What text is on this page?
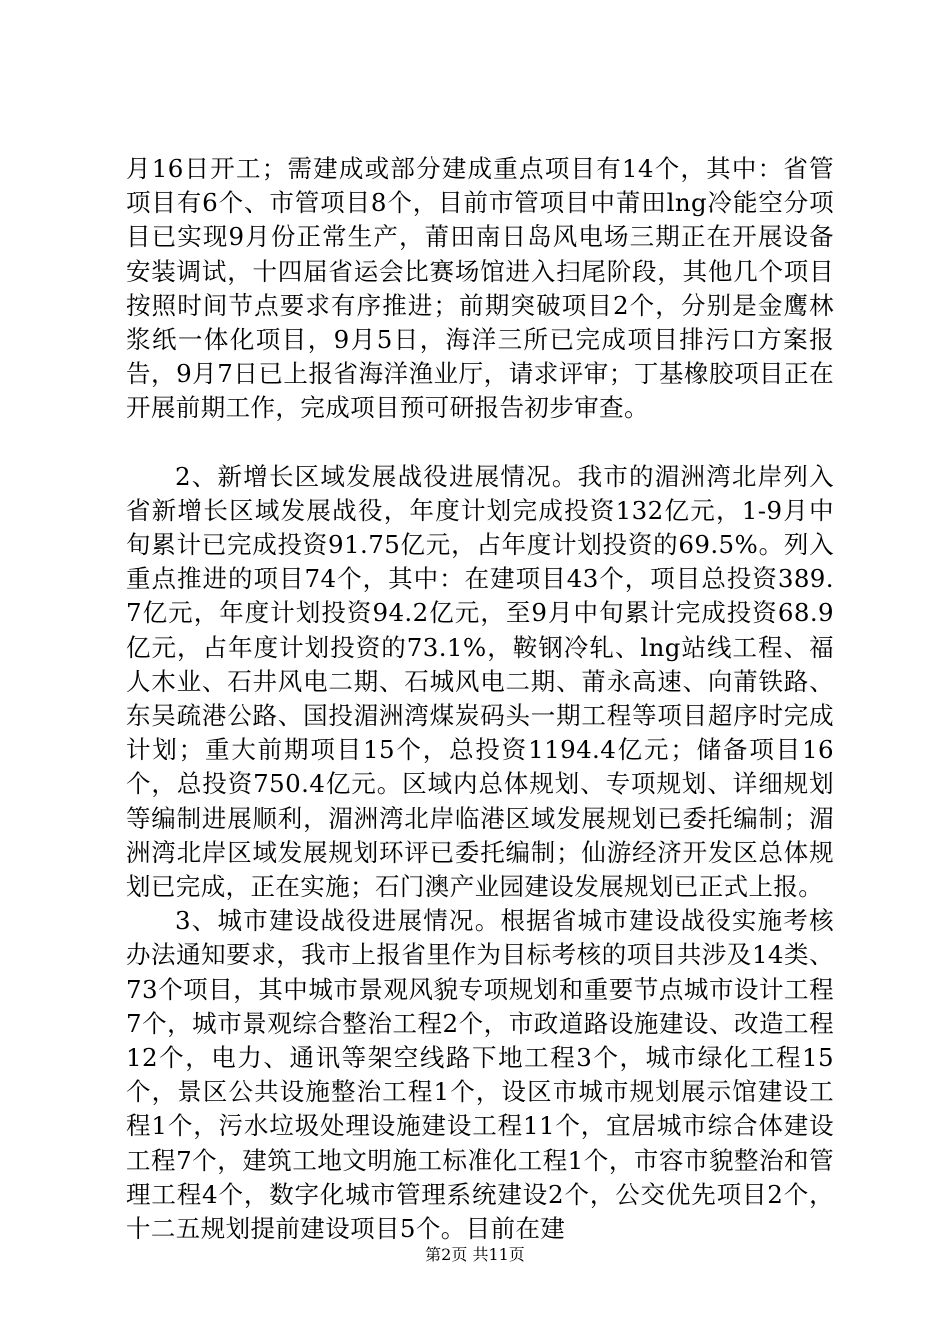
月16日开工；需建成或部分建成重点项目有14个，其中：省管项目有6个、市管项目8个，目前市管项目中莆田lng冷能空分项目已实现9月份正常生产，莆田南日岛风电场三期正在开展设备安装调试，十四届省运会比赛场馆进入扫尾阶段，其他几个项目按照时间节点要求有序推进；前期突破项目2个，分别是金鹰林浆纸一体化项目，9月5日，海洋三所已完成项目排污口方案报告，9月7日已上报省海洋渔业厅，请求评审；丁基橡胶项目正在开展前期工作，完成项目预可研报告初步审查。

2、新增长区域发展战役进展情况。我市的湄洲湾北岸列入省新增长区域发展战役，年度计划完成投资132亿元，1-9月中旬累计已完成投资91.75亿元，占年度计划投资的69.5%。列入重点推进的项目74个，其中：在建项目43个，项目总投资389.7亿元，年度计划投资94.2亿元，至9月中旬累计完成投资68.9亿元，占年度计划投资的73.1%，鞍钢冷轧、lng站线工程、福人木业、石井风电二期、石城风电二期、莆永高速、向莆铁路、东吴疏港公路、国投湄洲湾煤炭码头一期工程等项目超序时完成计划；重大前期项目15个，总投资1194.4亿元；储备项目16个，总投资750.4亿元。区域内总体规划、专项规划、详细规划等编制进展顺利，湄洲湾北岸临港区域发展规划已委托编制；湄洲湾北岸区域发展规划环评已委托编制；仙游经济开发区总体规划已完成，正在实施；石门澳产业园建设发展规划已正式上报。

3、城市建设战役进展情况。根据省城市建设战役实施考核办法通知要求，我市上报省里作为目标考核的项目共涉及14类、73个项目，其中城市景观风貌专项规划和重要节点城市设计工程7个，城市景观综合整治工程2个，市政道路设施建设、改造工程12个，电力、通讯等架空线路下地工程3个，城市绿化工程15个，景区公共设施整治工程1个，设区市城市规划展示馆建设工程1个，污水垃圾处理设施建设工程11个，宜居城市综合体建设工程7个，建筑工地文明施工标准化工程1个，市容市貌整治和管理工程4个，数字化城市管理系统建设2个，公交优先项目2个，十二五规划提前建设项目5个。目前在建

第2页 共11页
